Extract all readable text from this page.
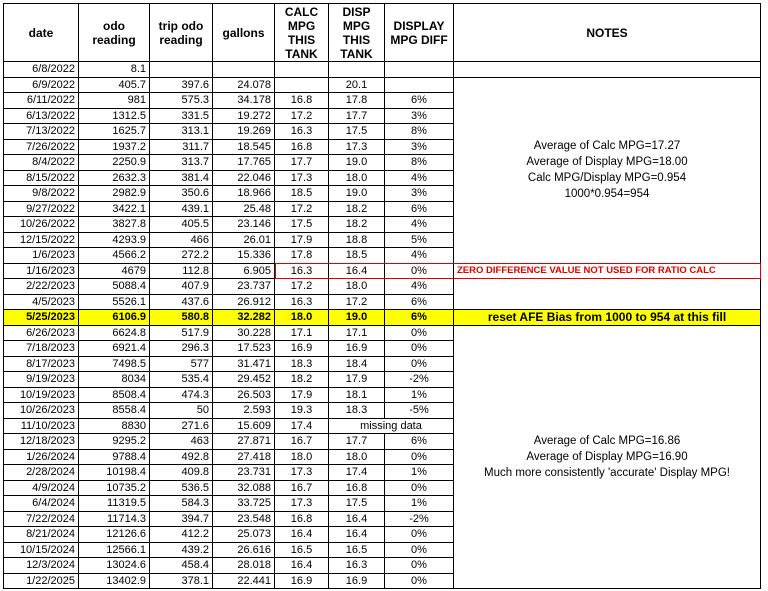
date	odo reading	trip odo reading	gallons	CALC MPG THIS TANK	DISP MPG THIS TANK	DISPLAY MPG DIFF	NOTES
6/8/2022	8.1						
6/9/2022	405.7	397.6	24.078		20.1		Average of Calc MPG=17.27
Average of Display MPG=18.00
Calc MPG/Display MPG=0.954
1000*0.954=954

6/11/2022	981	575.3	34.178	16.8	17.8	6%	
6/13/2022	1312.5	331.5	19.272	17.2	17.7	3%	
7/13/2022	1625.7	313.1	19.269	16.3	17.5	8%	
7/26/2022	1937.2	311.7	18.545	16.8	17.3	3%	
8/4/2022	2250.9	313.7	17.765	17.7	19.0	8%	
8/15/2022	2632.3	381.4	22.046	17.3	18.0	4%	
9/8/2022	2982.9	350.6	18.966	18.5	19.0	3%	
9/27/2022	3422.1	439.1	25.48	17.2	18.2	6%	
10/26/2022	3827.8	405.5	23.146	17.5	18.2	4%	
12/15/2022	4293.9	466	26.01	17.9	18.8	5%	
1/6/2023	4566.2	272.2	15.336	17.8	18.5	4%	
1/16/2023	4679	112.8	6.905	16.3	16.4	0%	ZERO DIFFERENCE VALUE NOT USED FOR RATIO CALC
2/22/2023	5088.4	407.9	23.737	17.2	18.0	4%	
4/5/2023	5526.1	437.6	26.912	16.3	17.2	6%	
5/25/2023	6106.9	580.8	32.282	18.0	19.0	6%	reset AFE Bias from 1000 to 954 at this fill
6/26/2023	6624.8	517.9	30.228	17.1	17.1	0%	Average of Calc MPG=16.86
Average of Display MPG=16.90
Much more consistently 'accurate' Display MPG!

7/18/2023	6921.4	296.3	17.523	16.9	16.9	0%	
8/17/2023	7498.5	577	31.471	18.3	18.4	0%	
9/19/2023	8034	535.4	29.452	18.2	17.9	-2%	
10/19/2023	8508.4	474.3	26.503	17.9	18.1	1%	
10/26/2023	8558.4	50	2.593	19.3	18.3	-5%	
11/10/2023	8830	271.6	15.609	17.4	missing data		
12/18/2023	9295.2	463	27.871	16.7	17.7	6%	
1/26/2024	9788.4	492.8	27.418	18.0	18.0	0%	
2/28/2024	10198.4	409.8	23.731	17.3	17.4	1%	
4/9/2024	10735.2	536.5	32.088	16.7	16.8	0%	
6/4/2024	11319.5	584.3	33.725	17.3	17.5	1%	
7/22/2024	11714.3	394.7	23.548	16.8	16.4	-2%	
8/21/2024	12126.6	412.2	25.073	16.4	16.4	0%	
10/15/2024	12566.1	439.2	26.616	16.5	16.5	0%	
12/3/2024	13024.6	458.4	28.018	16.4	16.3	0%	
1/22/2025	13402.9	378.1	22.441	16.9	16.9	0%	
